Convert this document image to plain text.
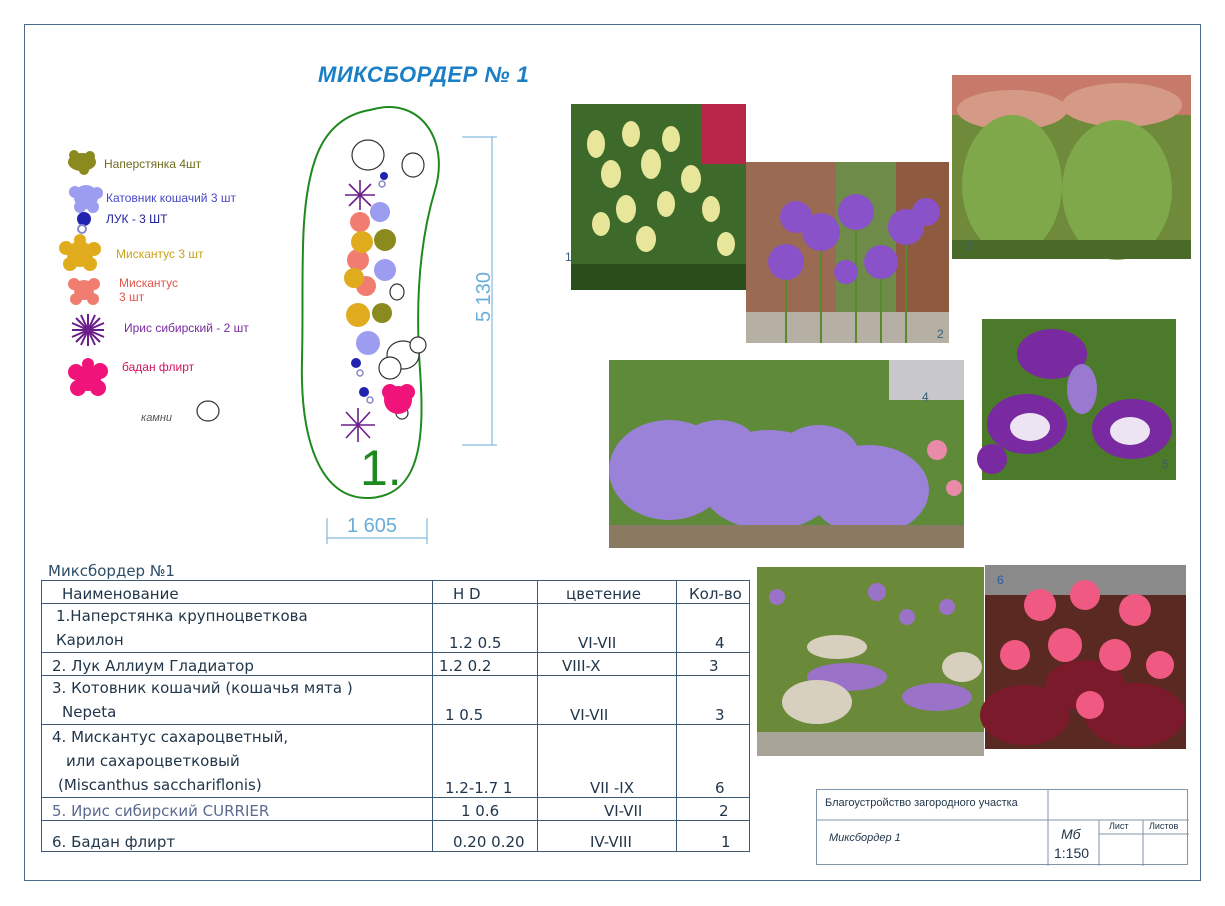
МИКСБОРДЕР № 1
Наперстянка 4шт
Катовник кошачий 3 шт
ЛУК - 3 ШТ
Мискантус 3 шт
Мискантус
3 шт
Ирис сибирский - 2 шт
бадан флирт
камни
1.
5 130
1 605
1
2
3
4
5
6
Миксбордер №1
Наименование	H D	цветение	Кол-во

1.Наперстянка крупноцветкова
Карилон	1.2 0.5	VI-VII	4
2. Лук Аллиум Гладиатор	1.2 0.2	VIII-X	3

3. Котовник кошачий (кошачья мята )
Nepeta	1 0.5	VI-VII	3

4. Мискантус сахароцветный,
или сахароцветковый
(Miscanthus sacchariflonis)	1.2-1.7 1	VII -IX	6
5. Ирис сибирский CURRIER	1 0.6	VI-VII	2
6. Бадан флирт	0.20 0.20	IV-VIII	1
Благоустройство загородного участка
Миксбордер 1	Мб
1:150
Лист Листов
